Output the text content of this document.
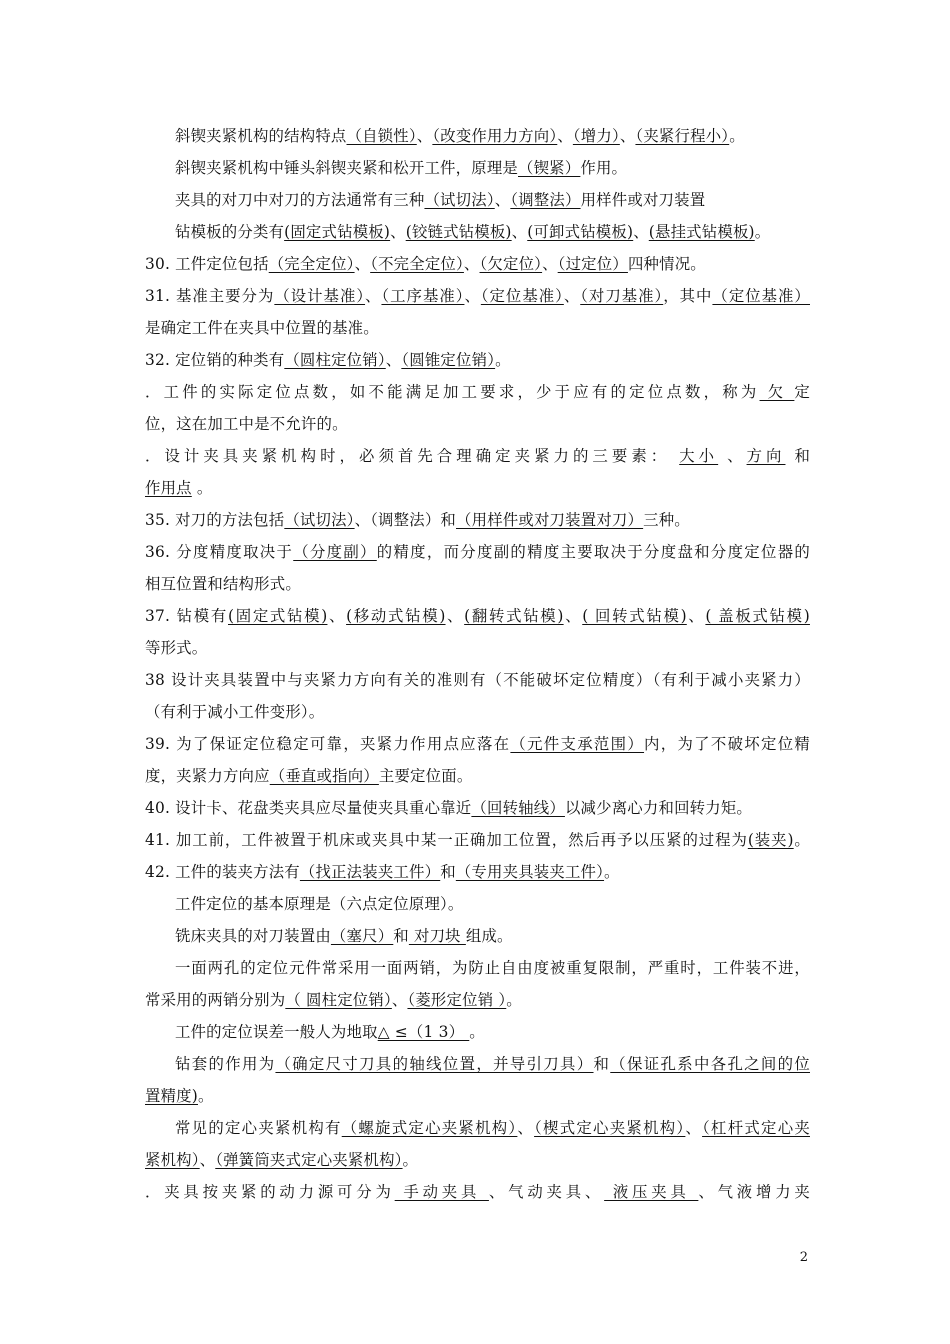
斜锲夹紧机构的结构特点（自锁性）、（改变作用力方向）、（增力）、（夹紧行程小）。
斜锲夹紧机构中锤头斜锲夹紧和松开工件，原理是（锲紧）作用。
夹具的对刀中对刀的方法通常有三种（试切法）、（调整法）用样件或对刀装置
钻模板的分类有(固定式钻模板)、(铰链式钻模板)、(可卸式钻模板)、(悬挂式钻模板)。
30. 工件定位包括（完全定位）、（不完全定位）、（欠定位）、（过定位）四种情况。
31. 基准主要分为（设计基准）、（工序基准）、（定位基准）、（对刀基准），其中（定位基准）
是确定工件在夹具中位置的基准。
32. 定位销的种类有（圆柱定位销）、（圆锥定位销）。
．工件的实际定位点数，如不能满足加工要求，少于应有的定位点数，称为 欠 定
位，这在加工中是不允许的。
．设计夹具夹紧机构时，必须首先合理确定夹紧力的三要素： 大小 、方向 和
作用点 。
35. 对刀的方法包括（试切法）、（调整法）和（用样件或对刀装置对刀）三种。
36. 分度精度取决于（分度副）的精度，而分度副的精度主要取决于分度盘和分度定位器的
相互位置和结构形式。
37. 钻模有(固定式钻模)、(移动式钻模)、(翻转式钻模)、( 回转式钻模)、( 盖板式钻模)
等形式。
38 设计夹具装置中与夹紧力方向有关的准则有（不能破坏定位精度）（有利于减小夹紧力）
（有利于减小工件变形）。
39. 为了保证定位稳定可靠，夹紧力作用点应落在（元件支承范围）内，为了不破坏定位精
度，夹紧力方向应（垂直或指向）主要定位面。
40. 设计卡、花盘类夹具应尽量使夹具重心靠近（回转轴线）以减少离心力和回转力矩。
41. 加工前，工件被置于机床或夹具中某一正确加工位置，然后再予以压紧的过程为(装夹)。
42. 工件的装夹方法有（找正法装夹工件）和（专用夹具装夹工件）。
工件定位的基本原理是（六点定位原理）。
铣床夹具的对刀装置由（塞尺）和 对刀块 组成。
一面两孔的定位元件常采用一面两销，为防止自由度被重复限制，严重时，工件装不进，
常采用的两销分别为（ 圆柱定位销）、（菱形定位销 ）。
工件的定位误差一般人为地取△ ≤（1 3） 。
钻套的作用为（确定尺寸刀具的轴线位置，并导引刀具）和（保证孔系中各孔之间的位
置精度)。
常见的定心夹紧机构有（螺旋式定心夹紧机构）、（楔式定心夹紧机构）、（杠杆式定心夹
紧机构）、（弹簧筒夹式定心夹紧机构）。
．夹具按夹紧的动力源可分为 手动夹具 、气动夹具、 液压夹具 、气液增力夹
2
